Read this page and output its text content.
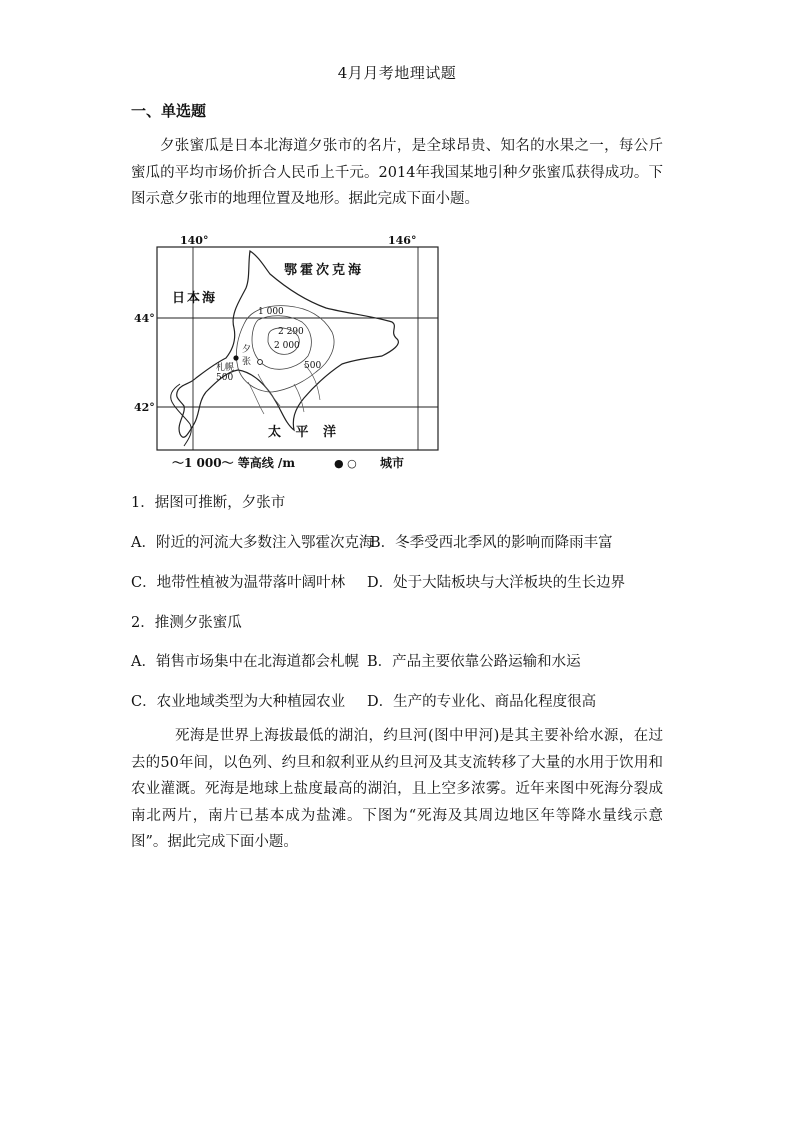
4月月考地理试题
一、单选题
夕张蜜瓜是日本北海道夕张市的名片，是全球昂贵、知名的水果之一，每公斤蜜瓜的平均市场价折合人民币上千元。2014年我国某地引种夕张蜜瓜获得成功。下图示意夕张市的地理位置及地形。据此完成下面小题。
140°	146°
44°
42°
鄂霍次克海
日本海
太 平 洋
1 000
2 290
2 000
500
500
札幌
夕
张
～1 000～ 等高线 /m	● ○ 城市
1．据图可推断，夕张市
A．附近的河流大多数注入鄂霍次克海
B．冬季受西北季风的影响而降雨丰富
C．地带性植被为温带落叶阔叶林 D．处于大陆板块与大洋板块的生长边界
2．推测夕张蜜瓜
A．销售市场集中在北海道都会札幌 B．产品主要依靠公路运输和水运
C．农业地域类型为大种植园农业 D．生产的专业化、商品化程度很高
死海是世界上海拔最低的湖泊，约旦河(图中甲河)是其主要补给水源，在过去的50年间，以色列、约旦和叙利亚从约旦河及其支流转移了大量的水用于饮用和农业灌溉。死海是地球上盐度最高的湖泊，且上空多浓雾。近年来图中死海分裂成南北两片，南片已基本成为盐滩。下图为“死海及其周边地区年等降水量线示意图”。据此完成下面小题。
